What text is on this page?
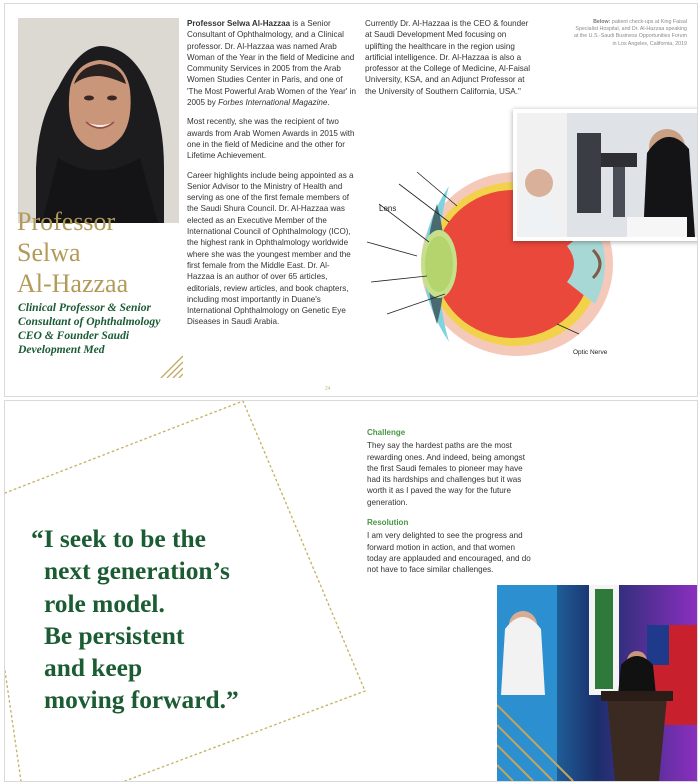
Professor
Selwa
Al-Hazzaa
Clinical Professor & Senior
Consultant of Ophthalmology
CEO & Founder Saudi
Development Med

Professor Selwa Al-Hazzaa is a Senior Consultant of Ophthalmology, and a Clinical professor. Dr. Al-Hazzaa was named Arab Woman of the Year in the field of Medicine and Community Services in 2005 from the Arab Women Studies Center in Paris, and one of 'The Most Powerful Arab Women of the Year' in 2005 by Forbes International Magazine.

Most recently, she was the recipient of two awards from Arab Women Awards in 2015 with one in the field of Medicine and the other for Lifetime Achievement.

Career highlights include being appointed as a Senior Advisor to the Ministry of Health and serving as one of the first female members of the Saudi Shura Council. Dr. Al-Hazzaa was elected as an Executive Member of the International Council of Ophthalmology (ICO), the highest rank in Ophthalmology worldwide where she was the youngest member and the first female from the Middle East. Dr. Al-Hazzaa is an author of over 65 articles, editorials, review articles, and book chapters, including most importantly in Duane's International Ophthalmology on Genetic Eye Diseases in Saudi Arabia.

Currently Dr. Al-Hazzaa is the CEO & founder at Saudi Development Med focusing on uplifting the healthcare in the region using artificial intelligence. Dr. Al-Hazzaa is also a professor at the College of Medicine, Al-Faisal University, KSA, and an Adjunct Professor at the University of Southern California, USA."

Below: patient check-ups at King Faisal Specialist Hospital, and Dr. Al-Hazzaa speaking at the U.S.-Saudi Business Opportunities Forum in Los Angeles, California, 2019
Lens
Optic Nerve
24
“I seek to be the
next generation’s
role model.
Be persistent
and keep
moving forward.”
Challenge

They say the hardest paths are the most rewarding ones. And indeed, being amongst the first Saudi females to pioneer may have had its hardships and challenges but it was worth it as I paved the way for the future generation.

Resolution

I am very delighted to see the progress and forward motion in action, and that women today are applauded and encouraged, and do not have to face similar challenges.
